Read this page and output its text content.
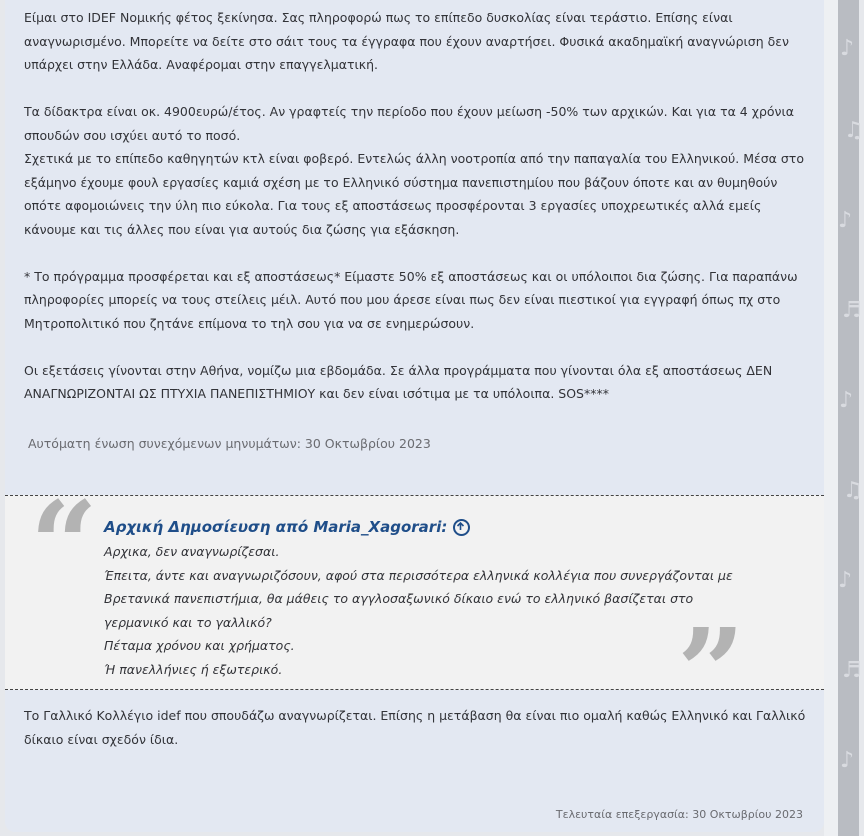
♪
♫
♪
♬
♪
♫
♪
♬
♪

Είμαι στο IDEF Νομικής φέτος ξεκίνησα. Σας πληροφορώ πως το επίπεδο δυσκολίας είναι τεράστιο. Επίσης είναι αναγνωρισμένο. Μπορείτε να δείτε στο σάιτ τους τα έγγραφα που έχουν αναρτήσει. Φυσικά ακαδημαϊκή αναγνώριση δεν υπάρχει στην Ελλάδα. Αναφέρομαι στην επαγγελματική.

Τα δίδακτρα είναι οκ. 4900ευρώ/έτος. Αν γραφτείς την περίοδο που έχουν μείωση -50% των αρχικών. Και για τα 4 χρόνια σπουδών σου ισχύει αυτό το ποσό.

Σχετικά με το επίπεδο καθηγητών κτλ είναι φοβερό. Εντελώς άλλη νοοτροπία από την παπαγαλία του Ελληνικού. Μέσα στο εξάμηνο έχουμε φουλ εργασίες καμιά σχέση με το Ελληνικό σύστημα πανεπιστημίου που βάζουν όποτε και αν θυμηθούν οπότε αφομοιώνεις την ύλη πιο εύκολα. Για τους εξ αποστάσεως προσφέρονται 3 εργασίες υποχρεωτικές αλλά εμείς κάνουμε και τις άλλες που είναι για αυτούς δια ζώσης για εξάσκηση.

* Το πρόγραμμα προσφέρεται και εξ αποστάσεως* Είμαστε 50% εξ αποστάσεως και οι υπόλοιποι δια ζώσης. Για παραπάνω πληροφορίες μπορείς να τους στείλεις μέιλ. Αυτό που μου άρεσε είναι πως δεν είναι πιεστικοί για εγγραφή όπως πχ στο Μητροπολιτικό που ζητάνε επίμονα το τηλ σου για να σε ενημερώσουν.

Οι εξετάσεις γίνονται στην Αθήνα, νομίζω μια εβδομάδα. Σε άλλα προγράμματα που γίνονται όλα εξ αποστάσεως ΔΕΝ ΑΝΑΓΝΩΡΙΖΟΝΤΑΙ ΩΣ ΠΤΥΧΙΑ ΠΑΝΕΠΙΣΤΗΜΙΟΥ και δεν είναι ισότιμα με τα υπόλοιπα. SOS****

Αυτόματη ένωση συνεχόμενων μηνυμάτων: 30 Οκτωβρίου 2023
“ Αρχική Δημοσίευση από Maria_Xagorari:
Αρχικα, δεν αναγνωρίζεσαι.
Έπειτα, άντε και αναγνωριζόσουν, αφού στα περισσότερα ελληνικά κολλέγια που συνεργάζονται με Βρετανικά πανεπιστήμια, θα μάθεις το αγγλοσαξωνικό δίκαιο ενώ το ελληνικό βασίζεται στο γερμανικό και το γαλλικό?
Πέταμα χρόνου και χρήματος.
Ή πανελλήνιες ή εξωτερικό.	”
Το Γαλλικό Κολλέγιο idef που σπουδάζω αναγνωρίζεται. Επίσης η μετάβαση θα είναι πιο ομαλή καθώς Ελληνικό και Γαλλικό δίκαιο είναι σχεδόν ίδια.
Τελευταία επεξεργασία: 30 Οκτωβρίου 2023
